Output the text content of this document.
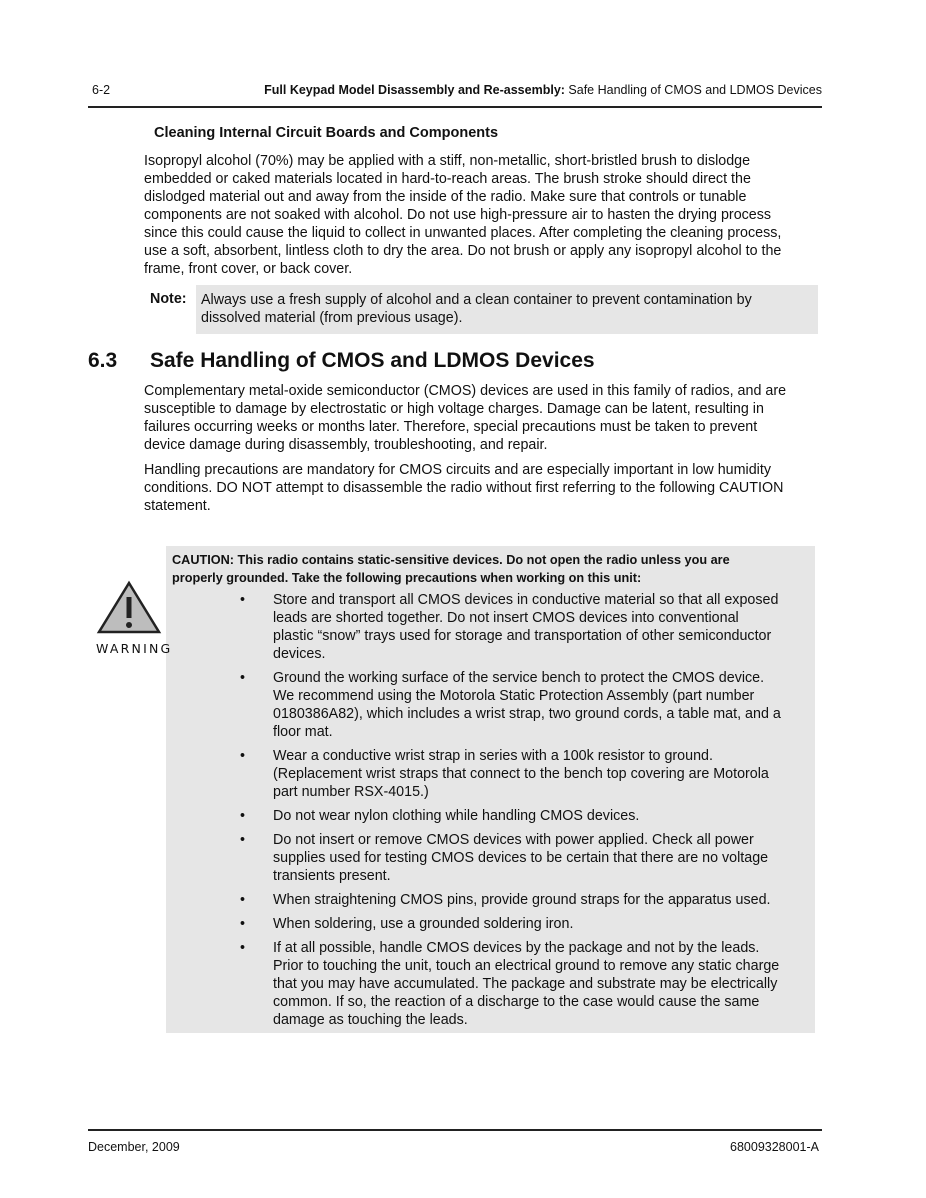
6-2	Full Keypad Model Disassembly and Re-assembly: Safe Handling of CMOS and LDMOS Devices
Cleaning Internal Circuit Boards and Components
Isopropyl alcohol (70%) may be applied with a stiff, non-metallic, short-bristled brush to dislodge
embedded or caked materials located in hard-to-reach areas. The brush stroke should direct the
dislodged material out and away from the inside of the radio. Make sure that controls or tunable
components are not soaked with alcohol. Do not use high-pressure air to hasten the drying process
since this could cause the liquid to collect in unwanted places. After completing the cleaning process,
use a soft, absorbent, lintless cloth to dry the area. Do not brush or apply any isopropyl alcohol to the
frame, front cover, or back cover.
Note: Always use a fresh supply of alcohol and a clean container to prevent contamination by
dissolved material (from previous usage).
6.3 Safe Handling of CMOS and LDMOS Devices
Complementary metal-oxide semiconductor (CMOS) devices are used in this family of radios, and are
susceptible to damage by electrostatic or high voltage charges. Damage can be latent, resulting in
failures occurring weeks or months later. Therefore, special precautions must be taken to prevent
device damage during disassembly, troubleshooting, and repair.
Handling precautions are mandatory for CMOS circuits and are especially important in low humidity
conditions. DO NOT attempt to disassemble the radio without first referring to the following CAUTION
statement.
WARNING
CAUTION: This radio contains static-sensitive devices. Do not open the radio unless you are
properly grounded. Take the following precautions when working on this unit:
• Store and transport all CMOS devices in conductive material so that all exposed
leads are shorted together. Do not insert CMOS devices into conventional
plastic “snow” trays used for storage and transportation of other semiconductor
devices.
• Ground the working surface of the service bench to protect the CMOS device.
We recommend using the Motorola Static Protection Assembly (part number
0180386A82), which includes a wrist strap, two ground cords, a table mat, and a
floor mat.
• Wear a conductive wrist strap in series with a 100k resistor to ground.
(Replacement wrist straps that connect to the bench top covering are Motorola
part number RSX-4015.)
• Do not wear nylon clothing while handling CMOS devices.
• Do not insert or remove CMOS devices with power applied. Check all power
supplies used for testing CMOS devices to be certain that there are no voltage
transients present.
• When straightening CMOS pins, provide ground straps for the apparatus used.
• When soldering, use a grounded soldering iron.
• If at all possible, handle CMOS devices by the package and not by the leads.
Prior to touching the unit, touch an electrical ground to remove any static charge
that you may have accumulated. The package and substrate may be electrically
common. If so, the reaction of a discharge to the case would cause the same
damage as touching the leads.
December, 2009	68009328001-A
